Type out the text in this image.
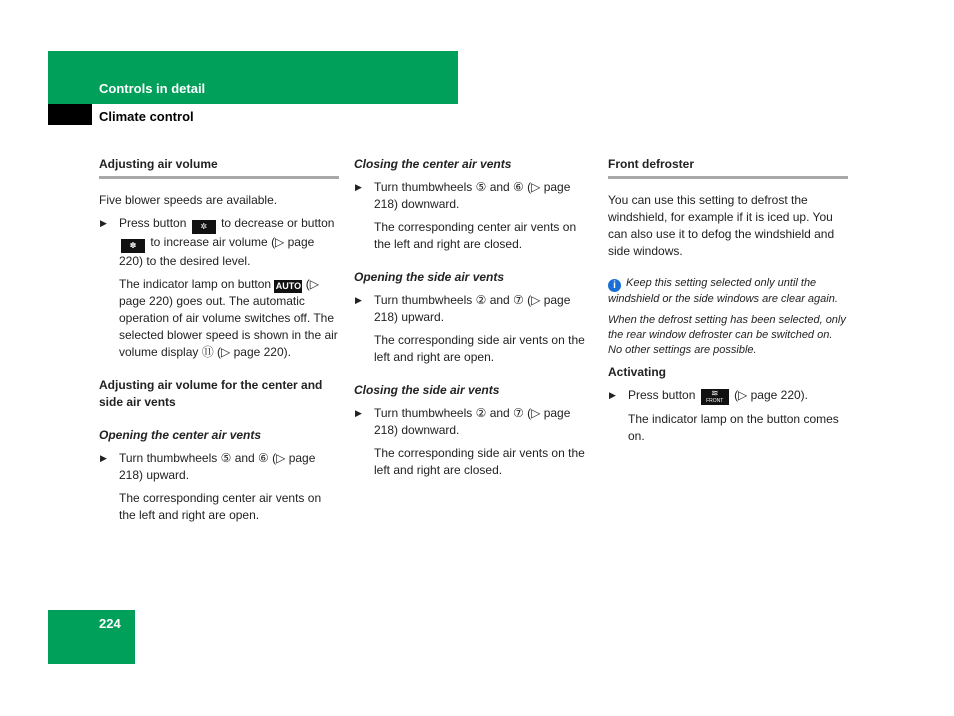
Controls in detail
Climate control
Adjusting air volume

Five blower speeds are available.

▶ Press button ✲ to decrease or button ✽ to increase air volume (▷ page 220) to the desired level.

The indicator lamp on button AUTO (▷ page 220) goes out. The automatic operation of air volume switches off. The selected blower speed is shown in the air volume display ⑪ (▷ page 220).

Adjusting air volume for the center and side air vents

Opening the center air vents

▶ Turn thumbwheels ⑤ and ⑥ (▷ page 218) upward.

The corresponding center air vents on the left and right are open.

Closing the center air vents

▶ Turn thumbwheels ⑤ and ⑥ (▷ page 218) downward.

The corresponding center air vents on the left and right are closed.

Opening the side air vents

▶ Turn thumbwheels ② and ⑦ (▷ page 218) upward.

The corresponding side air vents on the left and right are open.

Closing the side air vents

▶ Turn thumbwheels ② and ⑦ (▷ page 218) downward.

The corresponding side air vents on the left and right are closed.

Front defroster

You can use this setting to defrost the windshield, for example if it is iced up. You can also use it to defog the windshield and side windows.

i Keep this setting selected only until the windshield or the side windows are clear again.

When the defrost setting has been selected, only the rear window defroster can be switched on. No other settings are possible.

Activating

▶ Press button	≋
FRONT (▷ page 220).

The indicator lamp on the button comes on.

224
